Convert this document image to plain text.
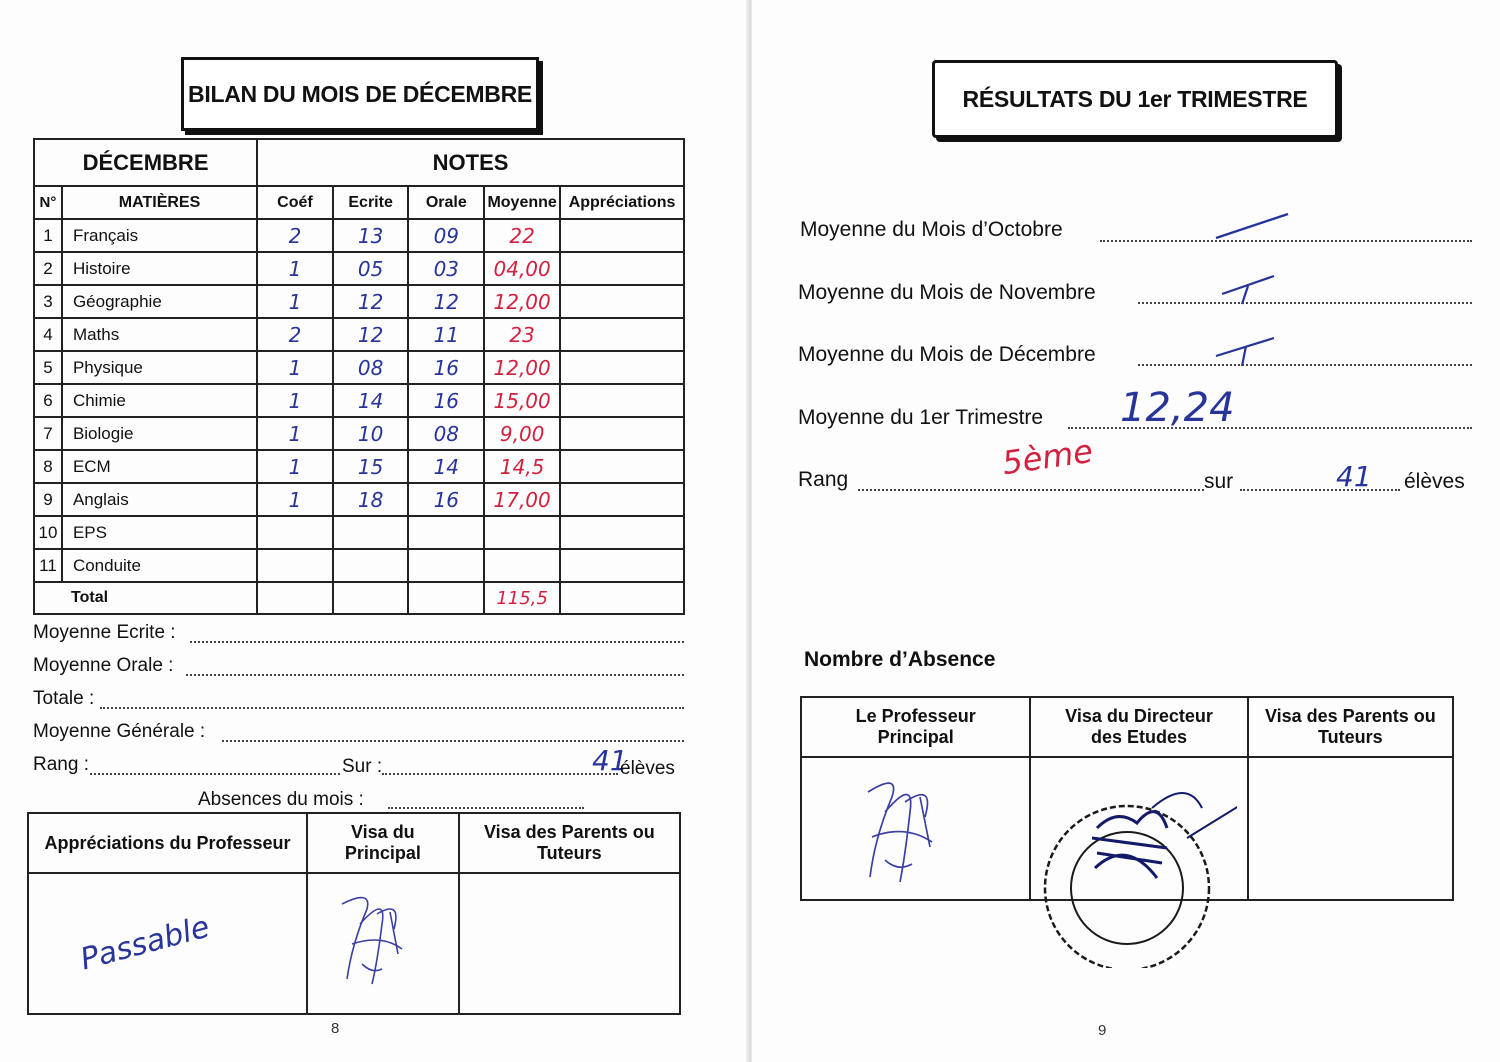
BILAN DU MOIS DE DÉCEMBRE
DÉCEMBRE		NOTES				
N°	MATIÈRES	Coéf	Ecrite	Orale	Moyenne	Appréciations
1	Français	2	13	09	22	
2	Histoire	1	05	03	04,00	
3	Géographie	1	12	12	12,00	
4	Maths	2	12	11	23	
5	Physique	1	08	16	12,00	
6	Chimie	1	14	16	15,00	
7	Biologie	1	10	08	9,00	
8	ECM	1	15	14	14,5	
9	Anglais	1	18	16	17,00	
10	EPS					
11	Conduite					
Total					115,5	
Moyenne Ecrite :
Moyenne Orale :
Totale :
Moyenne Générale :
Rang :	Sur :	41
élèves
Absences du mois :
Appréciations du Professeur	Visa du Principal	Visa des Parents ou Tuteurs

Passable

8
RÉSULTATS DU 1er TRIMESTRE
Moyenne du Mois d’Octobre
Moyenne du Mois de Novembre
Moyenne du Mois de Décembre
Moyenne du 1er Trimestre 12,24
Rang	5ème	sur	41 élèves
Nombre d’Absence
Le Professeur Principal	Visa du Directeur des Etudes	Visa des Parents ou Tuteurs

9
